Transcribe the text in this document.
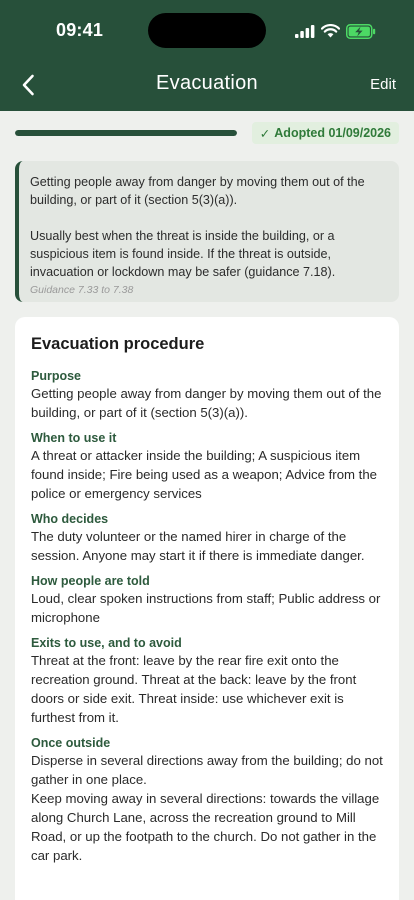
09:41
Evacuation	Edit
✓ Adopted 01/09/2026

Getting people away from danger by moving them out of the building, or part of it (section 5(3)(a)).

Usually best when the threat is inside the building, or a suspicious item is found inside. If the threat is outside, invacuation or lockdown may be safer (guidance 7.18).

Guidance 7.33 to 7.38
Evacuation procedure
Purpose
Getting people away from danger by moving them out of the building, or part of it (section 5(3)(a)).
When to use it
A threat or attacker inside the building; A suspicious item found inside; Fire being used as a weapon; Advice from the police or emergency services
Who decides
The duty volunteer or the named hirer in charge of the session. Anyone may start it if there is immediate danger.
How people are told
Loud, clear spoken instructions from staff; Public address or microphone
Exits to use, and to avoid
Threat at the front: leave by the rear fire exit onto the recreation ground. Threat at the back: leave by the front doors or side exit. Threat inside: use whichever exit is furthest from it.
Once outside
Disperse in several directions away from the building; do not gather in one place.
Keep moving away in several directions: towards the village along Church Lane, across the recreation ground to Mill Road, or up the footpath to the church. Do not gather in the car park.
